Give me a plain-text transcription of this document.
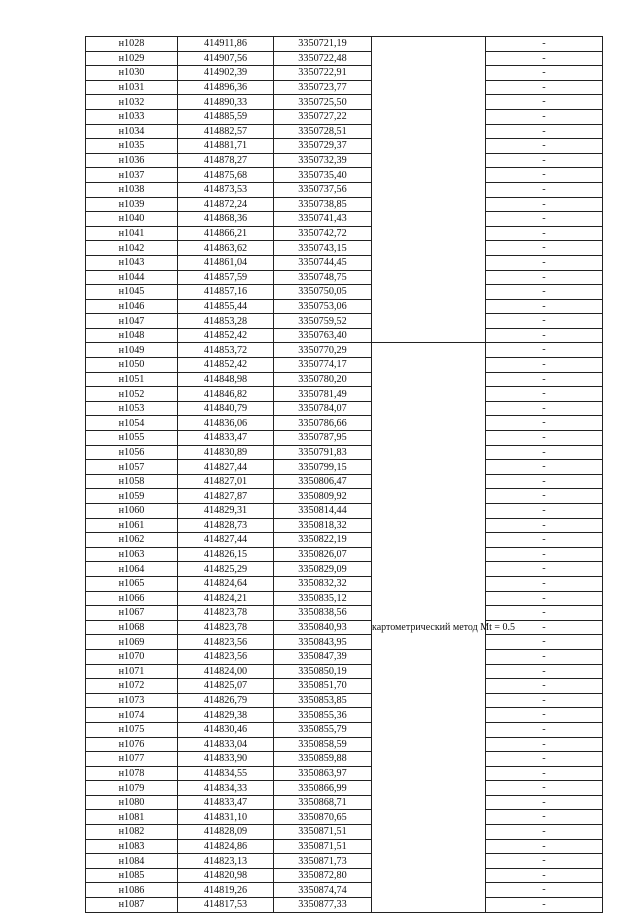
н1028	414911,86	3350721,19		-
н1029	414907,56	3350722,48		-
н1030	414902,39	3350722,91		-
н1031	414896,36	3350723,77		-
н1032	414890,33	3350725,50		-
н1033	414885,59	3350727,22		-
н1034	414882,57	3350728,51		-
н1035	414881,71	3350729,37		-
н1036	414878,27	3350732,39		-
н1037	414875,68	3350735,40		-
н1038	414873,53	3350737,56		-
н1039	414872,24	3350738,85		-
н1040	414868,36	3350741,43		-
н1041	414866,21	3350742,72		-
н1042	414863,62	3350743,15		-
н1043	414861,04	3350744,45		-
н1044	414857,59	3350748,75		-
н1045	414857,16	3350750,05		-
н1046	414855,44	3350753,06		-
н1047	414853,28	3350759,52		-
н1048	414852,42	3350763,40		-
н1049	414853,72	3350770,29	картометрический метод Mt = 0.5	-
н1050	414852,42	3350774,17		-
н1051	414848,98	3350780,20		-
н1052	414846,82	3350781,49		-
н1053	414840,79	3350784,07		-
н1054	414836,06	3350786,66		-
н1055	414833,47	3350787,95		-
н1056	414830,89	3350791,83		-
н1057	414827,44	3350799,15		-
н1058	414827,01	3350806,47		-
н1059	414827,87	3350809,92		-
н1060	414829,31	3350814,44		-
н1061	414828,73	3350818,32		-
н1062	414827,44	3350822,19		-
н1063	414826,15	3350826,07		-
н1064	414825,29	3350829,09		-
н1065	414824,64	3350832,32		-
н1066	414824,21	3350835,12		-
н1067	414823,78	3350838,56		-
н1068	414823,78	3350840,93		-
н1069	414823,56	3350843,95		-
н1070	414823,56	3350847,39		-
н1071	414824,00	3350850,19		-
н1072	414825,07	3350851,70		-
н1073	414826,79	3350853,85		-
н1074	414829,38	3350855,36		-
н1075	414830,46	3350855,79		-
н1076	414833,04	3350858,59		-
н1077	414833,90	3350859,88		-
н1078	414834,55	3350863,97		-
н1079	414834,33	3350866,99		-
н1080	414833,47	3350868,71		-
н1081	414831,10	3350870,65		-
н1082	414828,09	3350871,51		-
н1083	414824,86	3350871,51		-
н1084	414823,13	3350871,73		-
н1085	414820,98	3350872,80		-
н1086	414819,26	3350874,74		-
н1087	414817,53	3350877,33		-
